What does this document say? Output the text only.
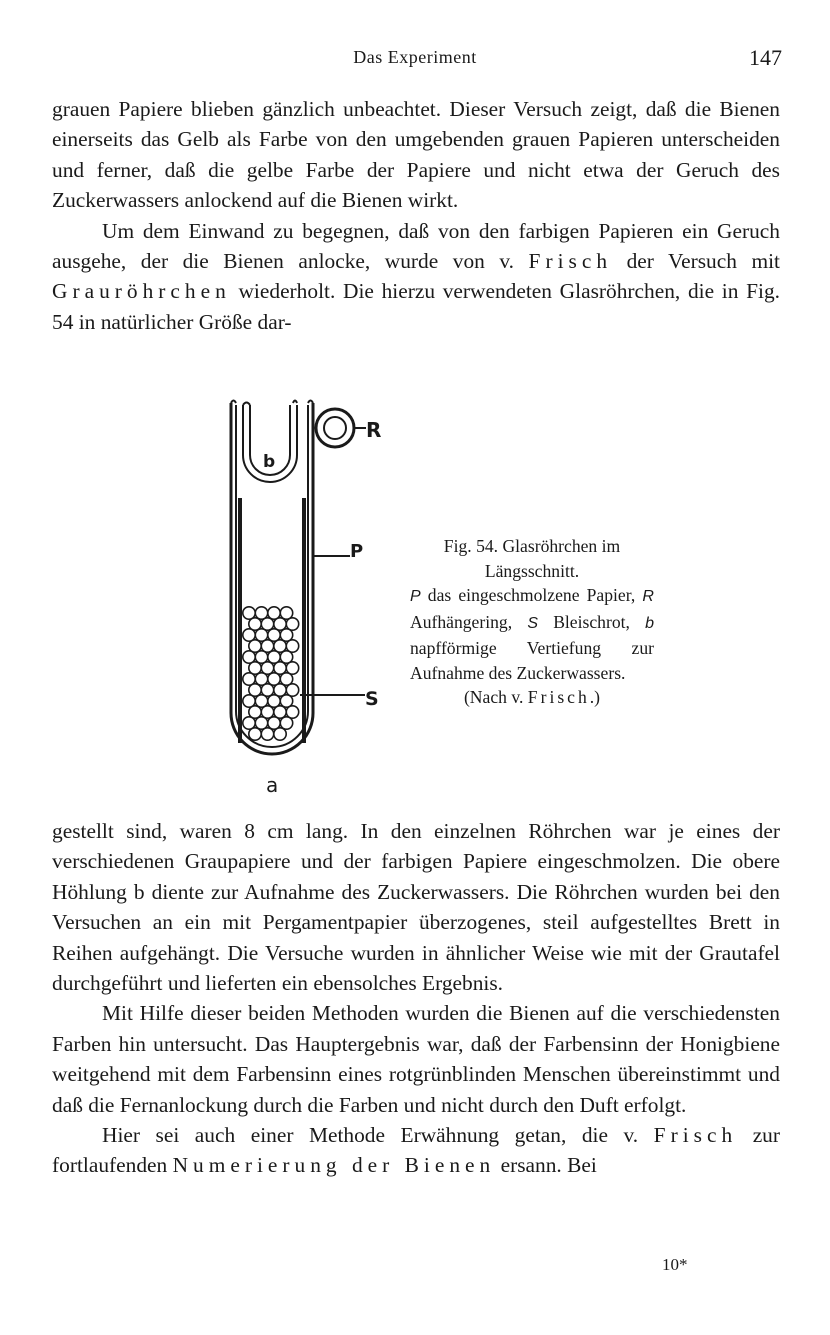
Das Experiment	147

grauen Papiere blieben gänzlich unbeachtet. Dieser Versuch zeigt, daß die Bienen einerseits das Gelb als Farbe von den umgebenden grauen Papieren unterscheiden und ferner, daß die gelbe Farbe der Papiere und nicht etwa der Geruch des Zuckerwassers anlockend auf die Bienen wirkt.

Um dem Einwand zu begegnen, daß von den farbigen Papieren ein Geruch ausgehe, der die Bienen anlocke, wurde von v. Frisch der Versuch mit Grauröhrchen wiederholt. Die hierzu verwendeten Glasröhrchen, die in Fig. 54 in natürlicher Größe dar-

b
R
P
S
a
Fig. 54. Glasröhrchen im
Längsschnitt.
P das eingeschmolzene Papier, R Aufhängering, S Bleischrot, b napfförmige Vertiefung zur Aufnahme des Zuckerwassers.
(Nach v. Frisch.)

gestellt sind, waren 8 cm lang. In den einzelnen Röhrchen war je eines der verschiedenen Graupapiere und der farbigen Papiere eingeschmolzen. Die obere Höhlung b diente zur Aufnahme des Zuckerwassers. Die Röhrchen wurden bei den Versuchen an ein mit Pergamentpapier überzogenes, steil aufgestelltes Brett in Reihen aufgehängt. Die Versuche wurden in ähnlicher Weise wie mit der Grautafel durchgeführt und lieferten ein ebensolches Ergebnis.

Mit Hilfe dieser beiden Methoden wurden die Bienen auf die verschiedensten Farben hin untersucht. Das Hauptergebnis war, daß der Farbensinn der Honigbiene weitgehend mit dem Farbensinn eines rotgrünblinden Menschen übereinstimmt und daß die Fernanlockung durch die Farben und nicht durch den Duft erfolgt.

Hier sei auch einer Methode Erwähnung getan, die v. Frisch zur fortlaufenden Numerierung der Bienen ersann. Bei

10*
